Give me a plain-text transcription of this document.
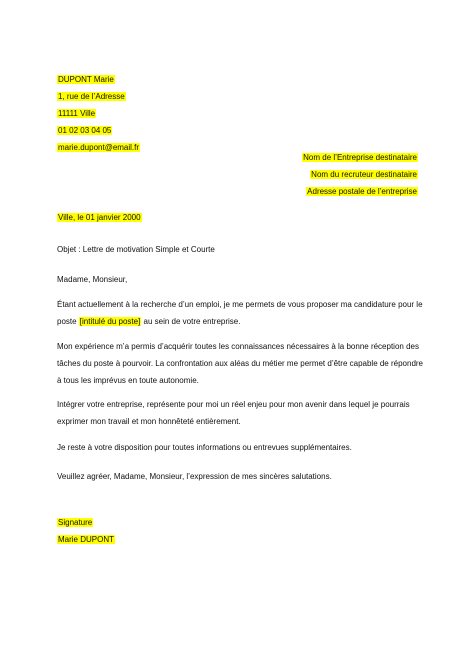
DUPONT Marie
1, rue de l’Adresse
11111 Ville
01 02 03 04 05
marie.dupont@email.fr
Nom de l’Entreprise destinataire
Nom du recruteur destinataire
Adresse postale de l’entreprise
Ville, le 01 janvier 2000
Objet : Lettre de motivation Simple et Courte
Madame, Monsieur,
Étant actuellement à la recherche d’un emploi, je me permets de vous proposer ma candidature pour le poste [intitulé du poste] au sein de votre entreprise.
Mon expérience m’a permis d’acquérir toutes les connaissances nécessaires à la bonne réception des tâches du poste à pourvoir. La confrontation aux aléas du métier me permet d’être capable de répondre à tous les imprévus en toute autonomie.
Intégrer votre entreprise, représente pour moi un réel enjeu pour mon avenir dans lequel je pourrais exprimer mon travail et mon honnêteté entièrement.
Je reste à votre disposition pour toutes informations ou entrevues supplémentaires.
Veuillez agréer, Madame, Monsieur, l’expression de mes sincères salutations.
Signature
Marie DUPONT
